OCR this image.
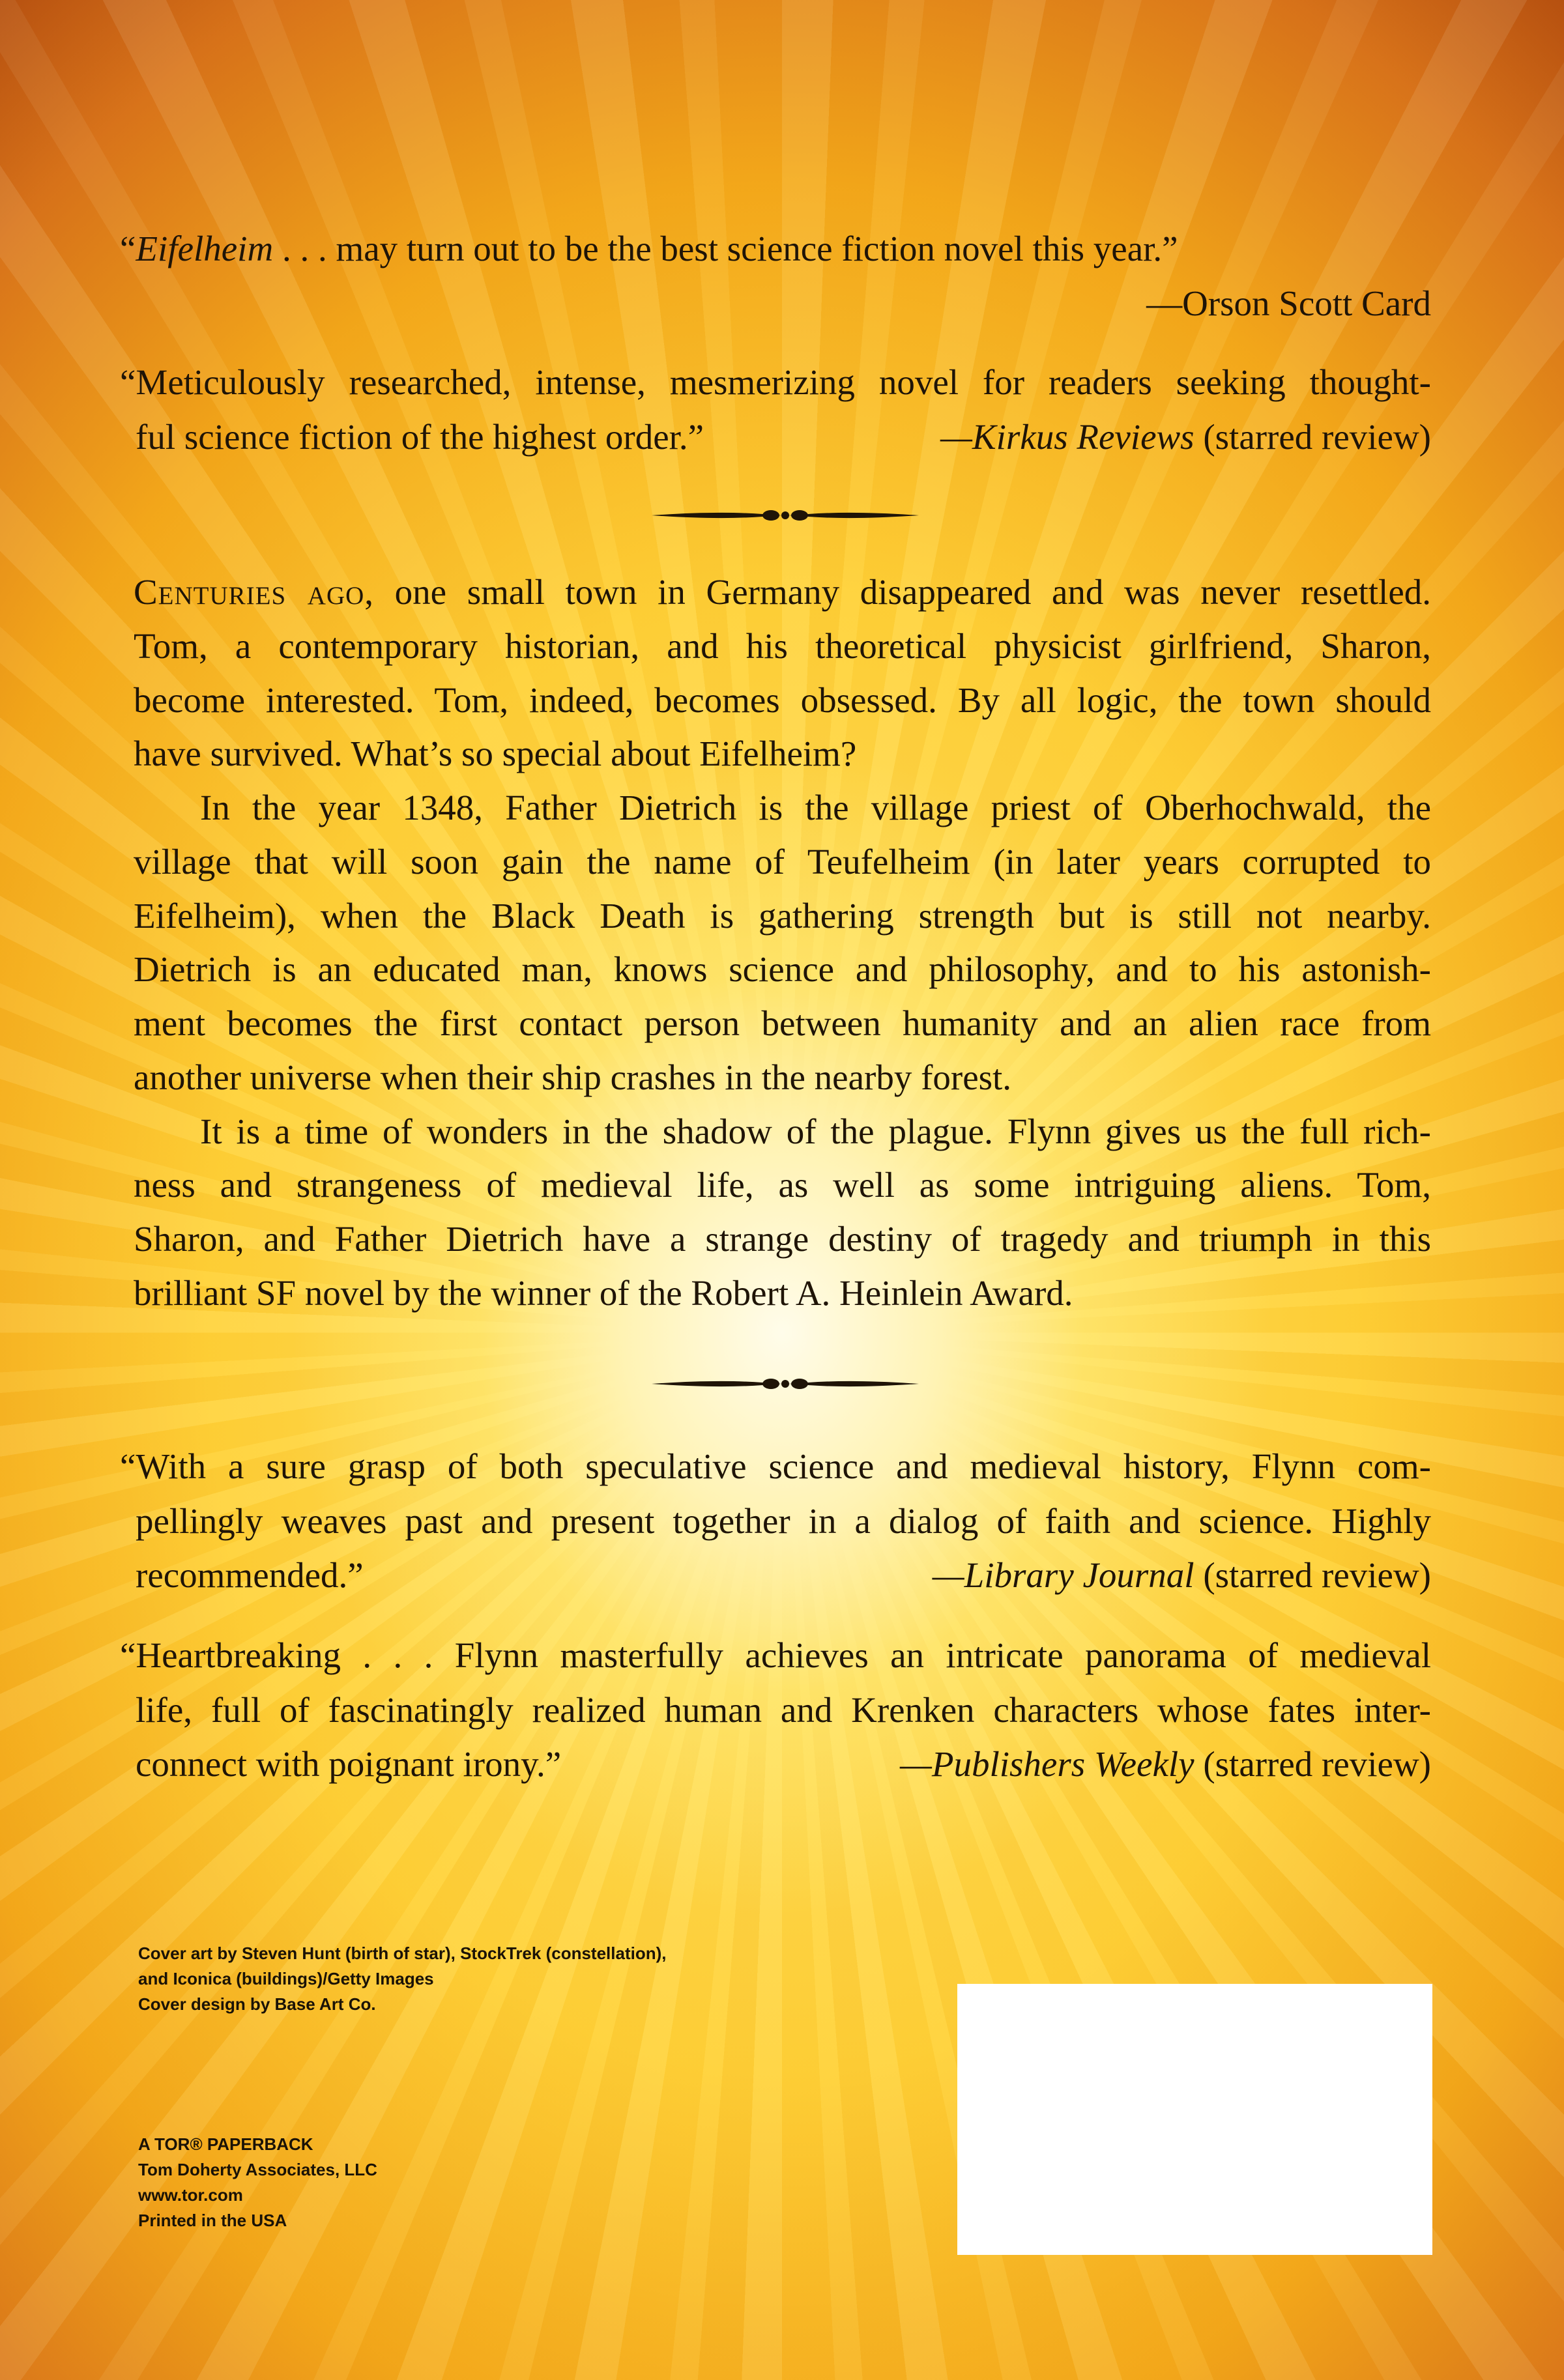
“Eifelheim . . . may turn out to be the best science fiction novel this year.”
—Orson Scott Card
“Meticulously researched, intense, mesmerizing novel for readers seeking thought-
ful science fiction of the highest order.”	—Kirkus Reviews (starred review)

Centuries ago, one small town in Germany disappeared and was never resettled.
Tom, a contemporary historian, and his theoretical physicist girlfriend, Sharon,
become interested. Tom, indeed, becomes obsessed. By all logic, the town should
have survived. What’s so special about Eifelheim?

In the year 1348, Father Dietrich is the village priest of Oberhochwald, the
village that will soon gain the name of Teufelheim (in later years corrupted to
Eifelheim), when the Black Death is gathering strength but is still not nearby.
Dietrich is an educated man, knows science and philosophy, and to his astonish-
ment becomes the first contact person between humanity and an alien race from
another universe when their ship crashes in the nearby forest.

It is a time of wonders in the shadow of the plague. Flynn gives us the full rich-
ness and strangeness of medieval life, as well as some intriguing aliens. Tom,
Sharon, and Father Dietrich have a strange destiny of tragedy and triumph in this
brilliant SF novel by the winner of the Robert A. Heinlein Award.

“With a sure grasp of both speculative science and medieval history, Flynn com-
pellingly weaves past and present together in a dialog of faith and science. Highly
recommended.”	—Library Journal (starred review)
“Heartbreaking . . . Flynn masterfully achieves an intricate panorama of medieval
life, full of fascinatingly realized human and Krenken characters whose fates inter-
connect with poignant irony.”	—Publishers Weekly (starred review)
Cover art by Steven Hunt (birth of star), StockTrek (constellation),
and Iconica (buildings)/Getty Images
Cover design by Base Art Co.
A TOR® PAPERBACK
Tom Doherty Associates, LLC
www.tor.com
Printed in the USA
